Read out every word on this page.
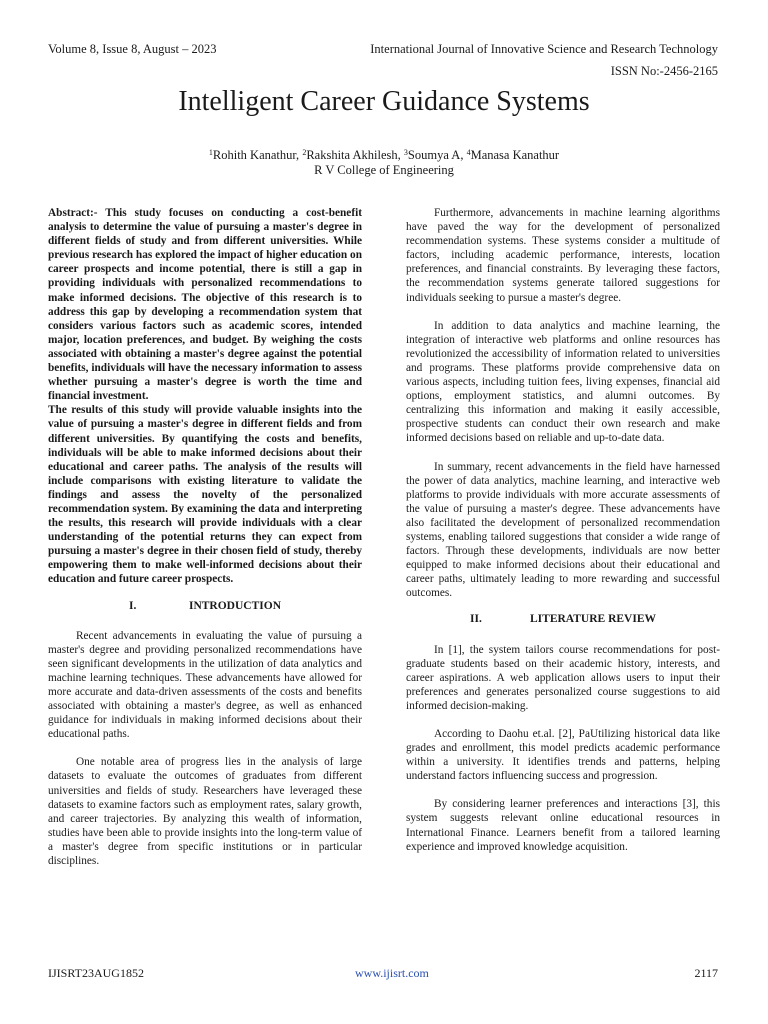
Volume 8, Issue 8, August – 2023	International Journal of Innovative Science and Research Technology
ISSN No:-2456-2165
Intelligent Career Guidance Systems
$^1$Rohith Kanathur, $^2$Rakshita Akhilesh, $^3$Soumya A, $^4$Manasa Kanathur
R V College of Engineering

Abstract:- This study focuses on conducting a cost-benefit analysis to determine the value of pursuing a master's degree in different fields of study and from different universities. While previous research has explored the impact of higher education on career prospects and income potential, there is still a gap in providing individuals with personalized recommendations to make informed decisions. The objective of this research is to address this gap by developing a recommendation system that considers various factors such as academic scores, intended major, location preferences, and budget. By weighing the costs associated with obtaining a master's degree against the potential benefits, individuals will have the necessary information to assess whether pursuing a master's degree is worth the time and financial investment.

The results of this study will provide valuable insights into the value of pursuing a master's degree in different fields and from different universities. By quantifying the costs and benefits, individuals will be able to make informed decisions about their educational and career paths. The analysis of the results will include comparisons with existing literature to validate the findings and assess the novelty of the personalized recommendation system. By examining the data and interpreting the results, this research will provide individuals with a clear understanding of the potential returns they can expect from pursuing a master's degree in their chosen field of study, thereby empowering them to make well-informed decisions about their education and future career prospects.

I.	INTRODUCTION

Recent advancements in evaluating the value of pursuing a master's degree and providing personalized recommendations have seen significant developments in the utilization of data analytics and machine learning techniques. These advancements have allowed for more accurate and data-driven assessments of the costs and benefits associated with obtaining a master's degree, as well as enhanced guidance for individuals in making informed decisions about their educational paths.

One notable area of progress lies in the analysis of large datasets to evaluate the outcomes of graduates from different universities and fields of study. Researchers have leveraged these datasets to examine factors such as employment rates, salary growth, and career trajectories. By analyzing this wealth of information, studies have been able to provide insights into the long-term value of a master's degree from specific institutions or in particular disciplines.

Furthermore, advancements in machine learning algorithms have paved the way for the development of personalized recommendation systems. These systems consider a multitude of factors, including academic performance, interests, location preferences, and financial constraints. By leveraging these factors, the recommendation systems generate tailored suggestions for individuals seeking to pursue a master's degree.

In addition to data analytics and machine learning, the integration of interactive web platforms and online resources has revolutionized the accessibility of information related to universities and programs. These platforms provide comprehensive data on various aspects, including tuition fees, living expenses, financial aid options, employment statistics, and alumni outcomes. By centralizing this information and making it easily accessible, prospective students can conduct their own research and make informed decisions based on reliable and up-to-date data.

In summary, recent advancements in the field have harnessed the power of data analytics, machine learning, and interactive web platforms to provide individuals with more accurate assessments of the value of pursuing a master's degree. These advancements have also facilitated the development of personalized recommendation systems, enabling tailored suggestions that consider a wide range of factors. Through these developments, individuals are now better equipped to make informed decisions about their educational and career paths, ultimately leading to more rewarding and successful outcomes.

II.	LITERATURE REVIEW

In [1], the system tailors course recommendations for post-graduate students based on their academic history, interests, and career aspirations. A web application allows users to input their preferences and generates personalized course suggestions to aid informed decision-making.

According to Daohu et.al. [2], PaUtilizing historical data like grades and enrollment, this model predicts academic performance within a university. It identifies trends and patterns, helping understand factors influencing success and progression.

By considering learner preferences and interactions [3], this system suggests relevant online educational resources in International Finance. Learners benefit from a tailored learning experience and improved knowledge acquisition.

IJISRT23AUG1852	www.ijisrt.com	2117
